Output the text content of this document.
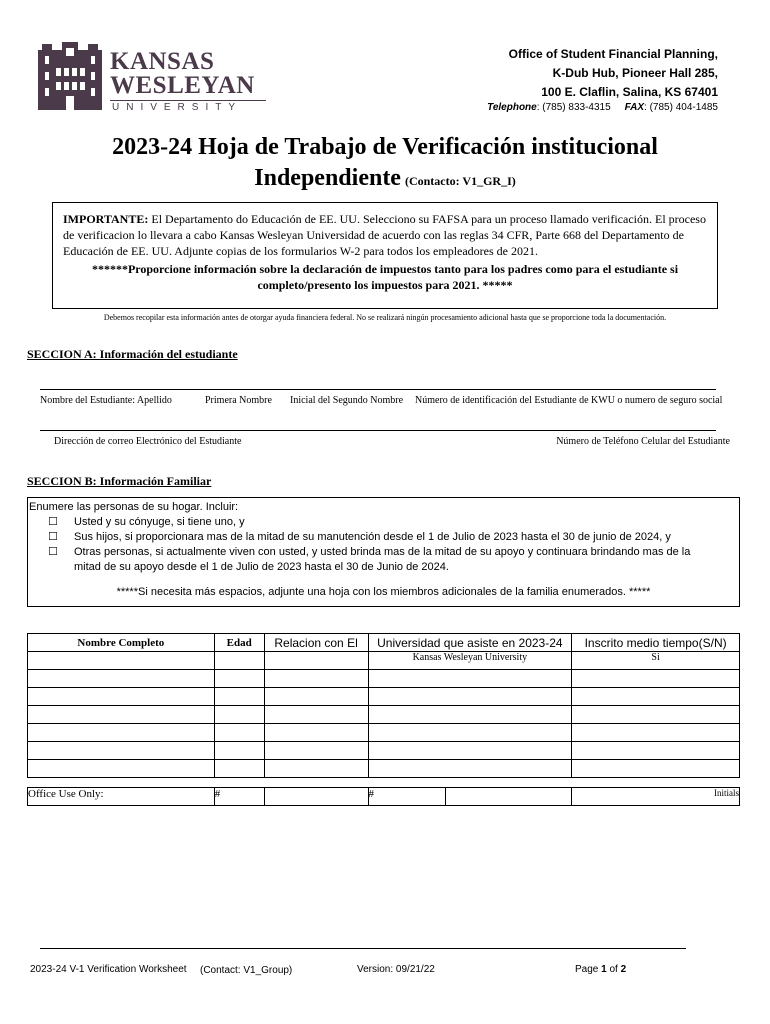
KANSAS
WESLEYAN
UNIVERSITY
Office of Student Financial Planning,
K-Dub Hub, Pioneer Hall 285,
100 E. Claflin, Salina, KS 67401
Telephone: (785) 833-4315 FAX: (785) 404-1485
2023-24 Hoja de Trabajo de Verificación institucional
Independiente (Contacto: V1_GR_I)
IMPORTANTE: El Departamento do Educación de EE. UU. Selecciono su FAFSA para un proceso llamado verificación. El proceso de verificacion lo llevara a cabo Kansas Wesleyan Universidad de acuerdo con las reglas 34 CFR, Parte 668 del Departamento de Educación de EE. UU. Adjunte copias de los formularios W-2 para todos los empleadores de 2021.
******Proporcione información sobre la declaración de impuestos tanto para los padres como para el estudiante si completo/presento los impuestos para 2021. *****
Debemos recopilar esta información antes de otorgar ayuda financiera federal. No se realizará ningún procesamiento adicional hasta que se proporcione toda la documentación.
SECCION A: Información del estudiante
Nombre del Estudiante: Apellido	Primera Nombre Inicial del Segundo Nombre Número de identificación del Estudiante de KWU o numero de seguro social
Dirección de correo Electrónico del Estudiante	Número de Teléfono Celular del Estudiante
SECCION B: Información Familiar
Enumere las personas de su hogar. Incluir:
☐ Usted y su cónyuge, si tiene uno, y
☐ Sus hijos, si proporcionara mas de la mitad de su manutención desde el 1 de Julio de 2023 hasta el 30 de junio de 2024, y
☐ Otras personas, si actualmente viven con usted, y usted brinda mas de la mitad de su apoyo y continuara brindando mas de la mitad de su apoyo desde el 1 de Julio de 2023 hasta el 30 de Junio de 2024.
*****Si necesita más espacios, adjunte una hoja con los miembros adicionales de la familia enumerados. *****
Nombre Completo	Edad	Relacion con El	Universidad que asiste en 2023-24	Inscrito medio tiempo(S/N)
			Kansas Wesleyan University	Si

Office Use Only:	#		#		Initials
2023-24 V-1 Verification Worksheet (Contact: V1_Group)	Version: 09/21/22	Page 1 of 2
